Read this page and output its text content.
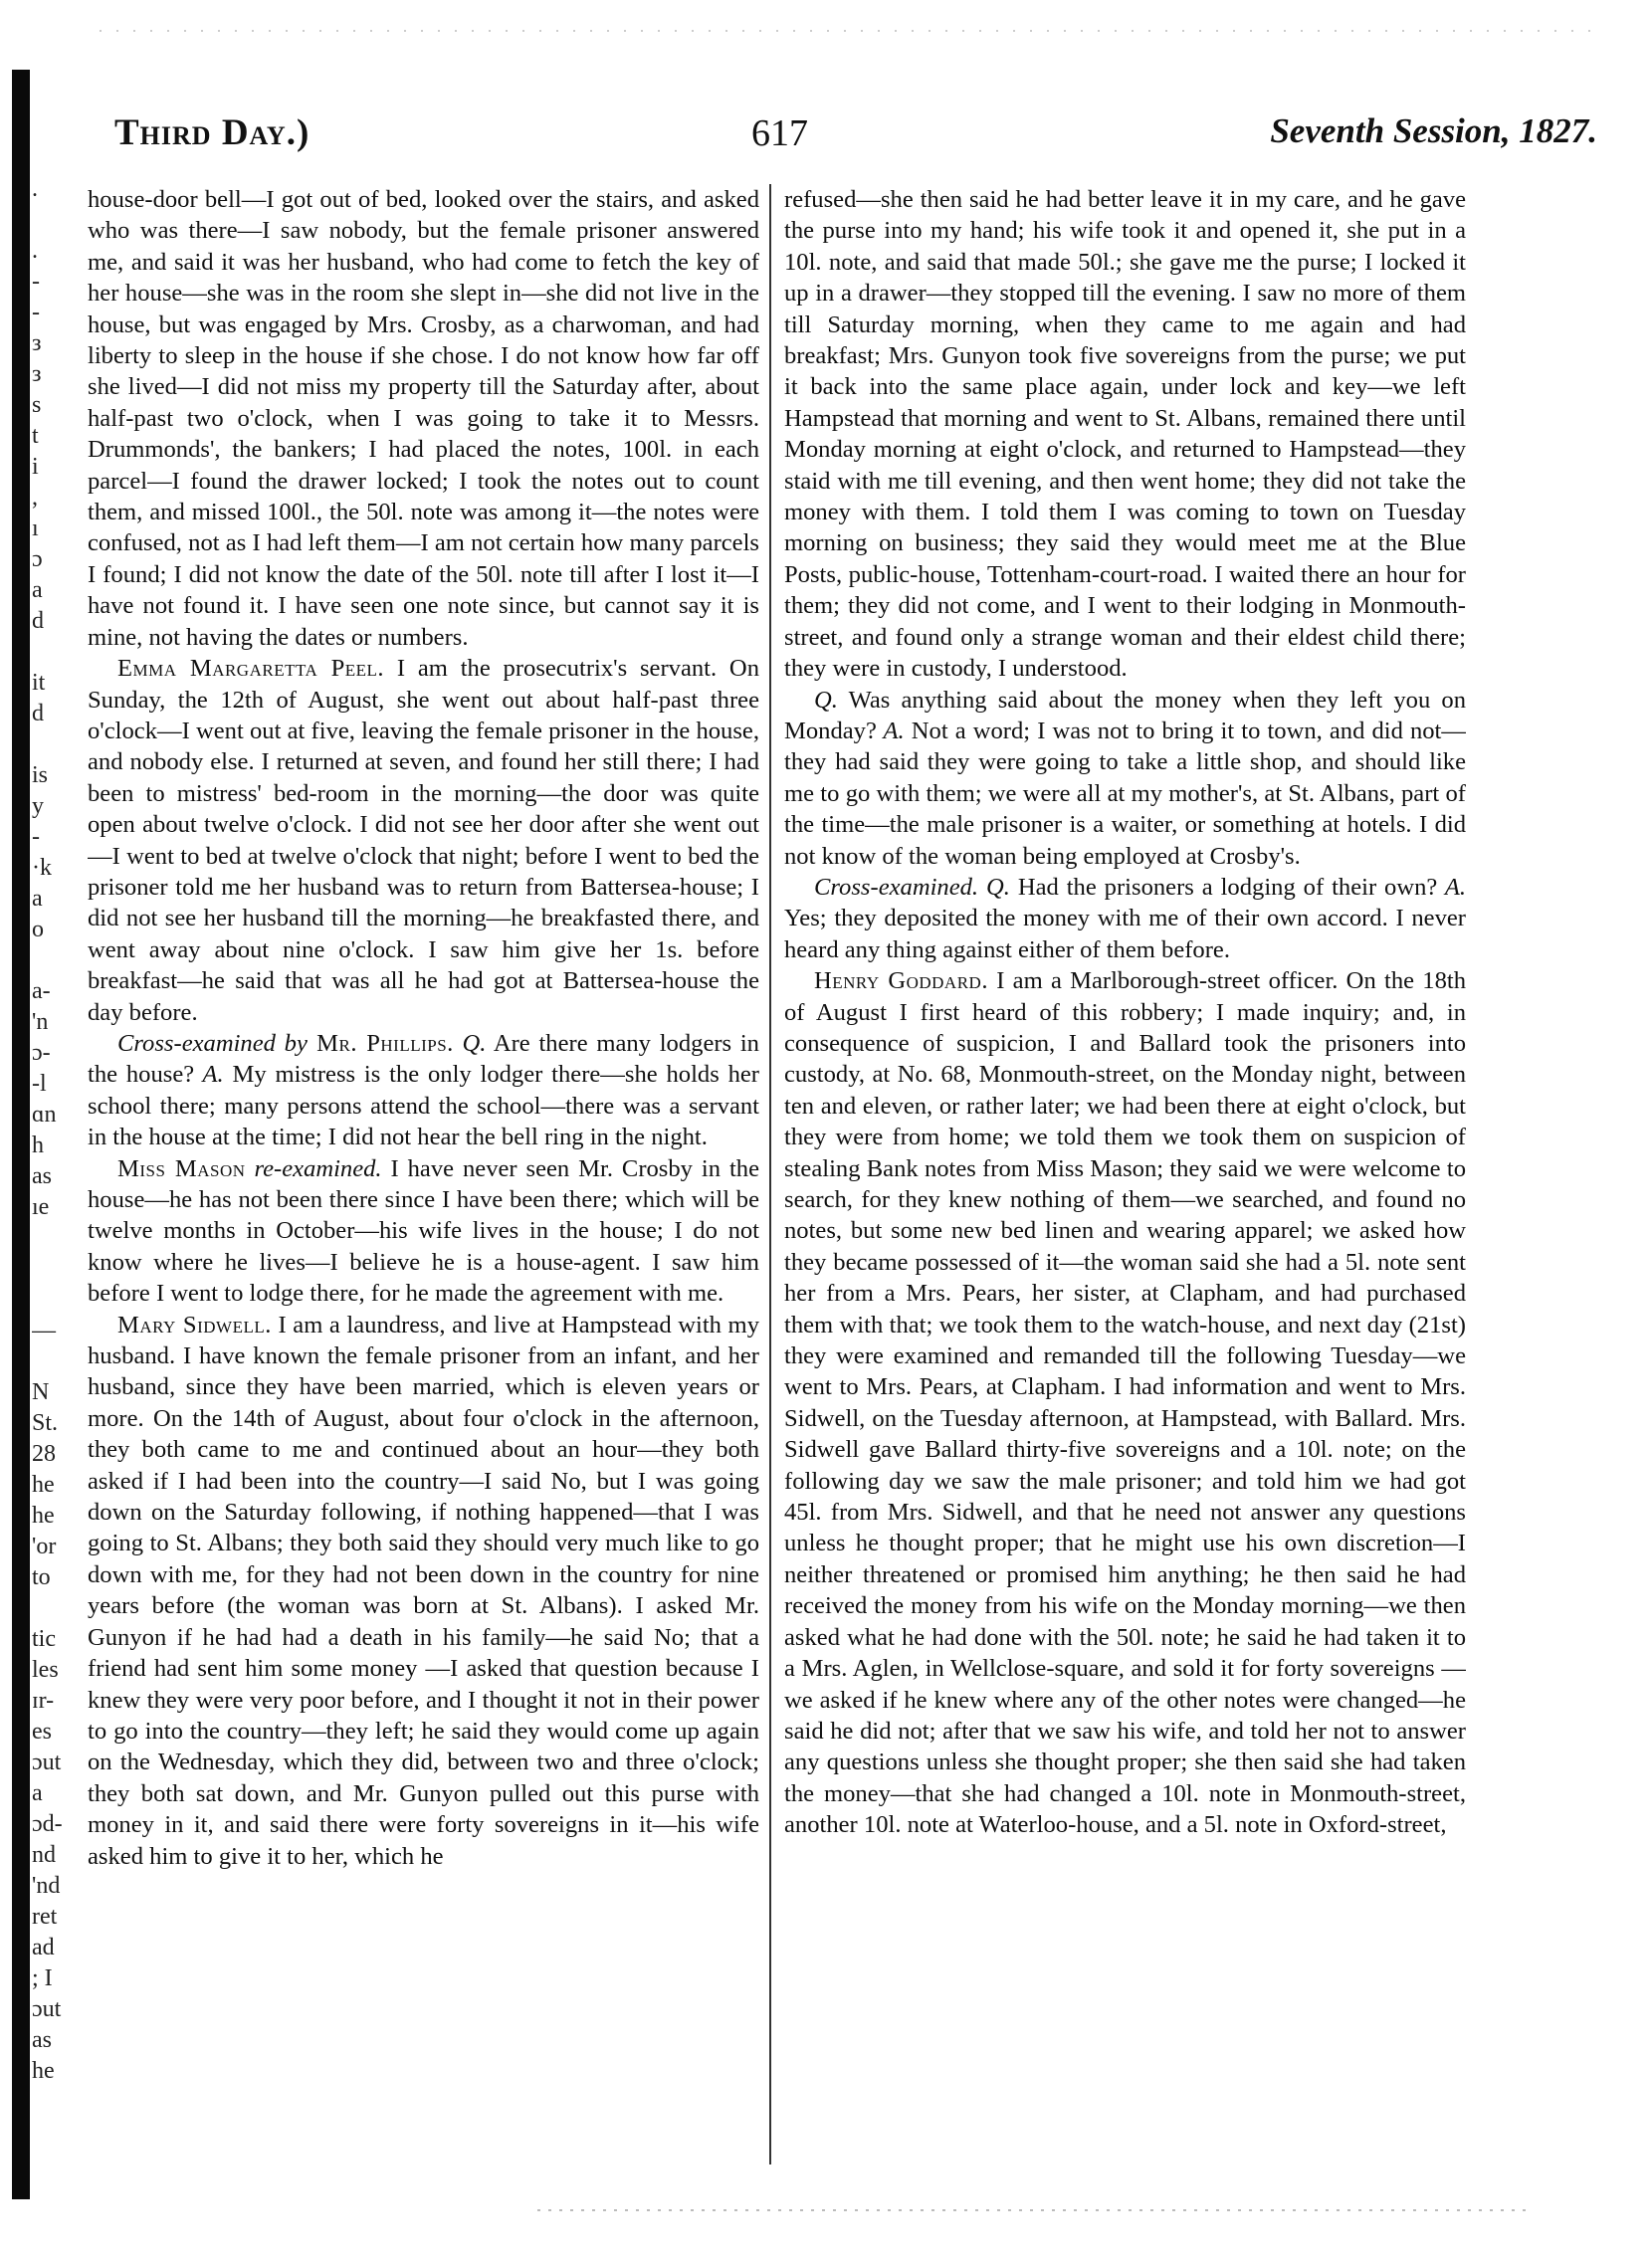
.
.
-
-
з
з
s
t
i
,
ı
ɔ
a
d
it
d
is
y
-
·k
a
o
a-
'n
ɔ-
-l
ɑn
h
as
ıe
—
N
St.
28
he
he
'or
to
tic
les
ɪr-
es
ɔut
a
ɔd-
nd
'nd
ret
ad
; I
ɔut
as
he
Third Day.)	617	Seventh Session, 1827.

house-door bell—I got out of bed, looked over the stairs, and asked who was there—I saw nobody, but the female prisoner answered me, and said it was her husband, who had come to fetch the key of her house—she was in the room she slept in—she did not live in the house, but was engaged by Mrs. Crosby, as a charwoman, and had liberty to sleep in the house if she chose. I do not know how far off she lived—I did not miss my property till the Saturday after, about half-past two o'clock, when I was going to take it to Messrs. Drummonds', the bankers; I had placed the notes, 100l. in each parcel—I found the drawer locked; I took the notes out to count them, and missed 100l., the 50l. note was among it—the notes were confused, not as I had left them—I am not certain how many parcels I found; I did not know the date of the 50l. note till after I lost it—I have not found it. I have seen one note since, but cannot say it is mine, not having the dates or numbers.

Emma Margaretta Peel. I am the prosecutrix's servant. On Sunday, the 12th of August, she went out about half-past three o'clock—I went out at five, leaving the female prisoner in the house, and nobody else. I returned at seven, and found her still there; I had been to mistress' bed-room in the morning—the door was quite open about twelve o'clock. I did not see her door after she went out—I went to bed at twelve o'clock that night; before I went to bed the prisoner told me her husband was to return from Battersea-house; I did not see her husband till the morning—he breakfasted there, and went away about nine o'clock. I saw him give her 1s. before breakfast—he said that was all he had got at Battersea-house the day before.

Cross-examined by Mr. Phillips. Q. Are there many lodgers in the house? A. My mistress is the only lodger there—she holds her school there; many persons attend the school—there was a servant in the house at the time; I did not hear the bell ring in the night.

Miss Mason re-examined. I have never seen Mr. Crosby in the house—he has not been there since I have been there; which will be twelve months in October—his wife lives in the house; I do not know where he lives—I believe he is a house-agent. I saw him before I went to lodge there, for he made the agreement with me.

Mary Sidwell. I am a laundress, and live at Hampstead with my husband. I have known the female prisoner from an infant, and her husband, since they have been married, which is eleven years or more. On the 14th of August, about four o'clock in the afternoon, they both came to me and continued about an hour—they both asked if I had been into the country—I said No, but I was going down on the Saturday following, if nothing happened—that I was going to St. Albans; they both said they should very much like to go down with me, for they had not been down in the country for nine years before (the woman was born at St. Albans). I asked Mr. Gunyon if he had had a death in his family—he said No; that a friend had sent him some money —I asked that question because I knew they were very poor before, and I thought it not in their power to go into the country—they left; he said they would come up again on the Wednesday, which they did, between two and three o'clock; they both sat down, and Mr. Gunyon pulled out this purse with money in it, and said there were forty sovereigns in it—his wife asked him to give it to her, which he

refused—she then said he had better leave it in my care, and he gave the purse into my hand; his wife took it and opened it, she put in a 10l. note, and said that made 50l.; she gave me the purse; I locked it up in a drawer—they stopped till the evening. I saw no more of them till Saturday morning, when they came to me again and had breakfast; Mrs. Gunyon took five sovereigns from the purse; we put it back into the same place again, under lock and key—we left Hampstead that morning and went to St. Albans, remained there until Monday morning at eight o'clock, and returned to Hampstead—they staid with me till evening, and then went home; they did not take the money with them. I told them I was coming to town on Tuesday morning on business; they said they would meet me at the Blue Posts, public-house, Tottenham-court-road. I waited there an hour for them; they did not come, and I went to their lodging in Monmouth-street, and found only a strange woman and their eldest child there; they were in custody, I understood.

Q. Was anything said about the money when they left you on Monday? A. Not a word; I was not to bring it to town, and did not—they had said they were going to take a little shop, and should like me to go with them; we were all at my mother's, at St. Albans, part of the time—the male prisoner is a waiter, or something at hotels. I did not know of the woman being employed at Crosby's.

Cross-examined. Q. Had the prisoners a lodging of their own? A. Yes; they deposited the money with me of their own accord. I never heard any thing against either of them before.

Henry Goddard. I am a Marlborough-street officer. On the 18th of August I first heard of this robbery; I made inquiry; and, in consequence of suspicion, I and Ballard took the prisoners into custody, at No. 68, Monmouth-street, on the Monday night, between ten and eleven, or rather later; we had been there at eight o'clock, but they were from home; we told them we took them on suspicion of stealing Bank notes from Miss Mason; they said we were welcome to search, for they knew nothing of them—we searched, and found no notes, but some new bed linen and wearing apparel; we asked how they became possessed of it—the woman said she had a 5l. note sent her from a Mrs. Pears, her sister, at Clapham, and had purchased them with that; we took them to the watch-house, and next day (21st) they were examined and remanded till the following Tuesday—we went to Mrs. Pears, at Clapham. I had information and went to Mrs. Sidwell, on the Tuesday afternoon, at Hampstead, with Ballard. Mrs. Sidwell gave Ballard thirty-five sovereigns and a 10l. note; on the following day we saw the male prisoner; and told him we had got 45l. from Mrs. Sidwell, and that he need not answer any questions unless he thought proper; that he might use his own discretion—I neither threatened or promised him anything; he then said he had received the money from his wife on the Monday morning—we then asked what he had done with the 50l. note; he said he had taken it to a Mrs. Aglen, in Wellclose-square, and sold it for forty sovereigns —we asked if he knew where any of the other notes were changed—he said he did not; after that we saw his wife, and told her not to answer any questions unless she thought proper; she then said she had taken the money—that she had changed a 10l. note in Monmouth-street, another 10l. note at Waterloo-house, and a 5l. note in Oxford-street,
